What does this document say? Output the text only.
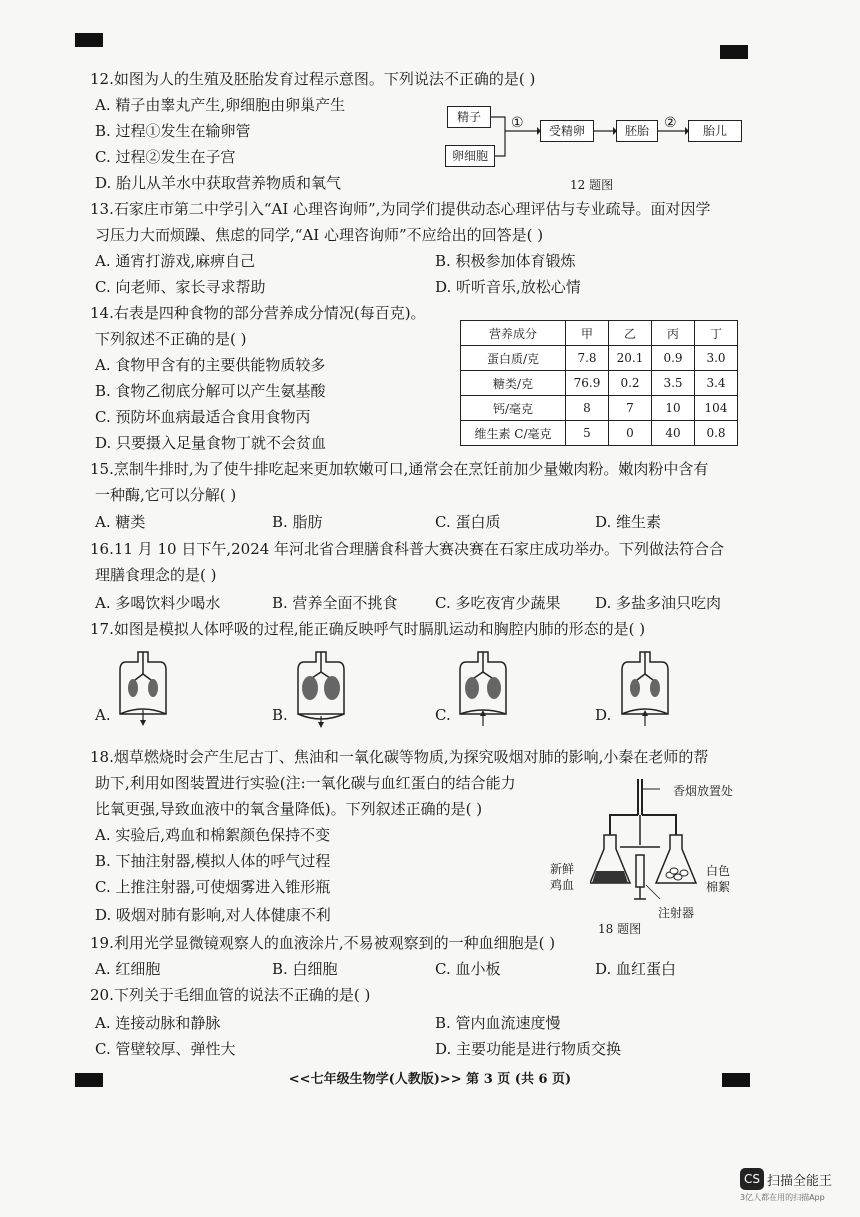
12.如图为人的生殖及胚胎发育过程示意图。下列说法不正确的是( )
A. 精子由睾丸产生,卵细胞由卵巢产生
B. 过程①发生在输卵管
C. 过程②发生在子宫
D. 胎儿从羊水中获取营养物质和氧气
精子
卵细胞
受精卵	胚胎	胎儿
①	②
12 题图
13.石家庄市第二中学引入“AI 心理咨询师”,为同学们提供动态心理评估与专业疏导。面对因学
习压力大而烦躁、焦虑的同学,“AI 心理咨询师”不应给出的回答是( )
A. 通宵打游戏,麻痹自己	B. 积极参加体育锻炼
C. 向老师、家长寻求帮助	D. 听听音乐,放松心情
14.右表是四种食物的部分营养成分情况(每百克)。
下列叙述不正确的是( )
A. 食物甲含有的主要供能物质较多
B. 食物乙彻底分解可以产生氨基酸
C. 预防坏血病最适合食用食物丙
D. 只要摄入足量食物丁就不会贫血
营养成分	甲	乙	丙	丁
蛋白质/克	7.8	20.1	0.9	3.0
糖类/克	76.9	0.2	3.5	3.4
钙/毫克	8	7	10	104
维生素 C/毫克	5	0	40	0.8
15.烹制牛排时,为了使牛排吃起来更加软嫩可口,通常会在烹饪前加少量嫩肉粉。嫩肉粉中含有
一种酶,它可以分解( )
A. 糖类	B. 脂肪	C. 蛋白质	D. 维生素
16.11 月 10 日下午,2024 年河北省合理膳食科普大赛决赛在石家庄成功举办。下列做法符合合
理膳食理念的是( )
A. 多喝饮料少喝水	B. 营养全面不挑食 C. 多吃夜宵少蔬果 D. 多盐多油只吃肉
17.如图是模拟人体呼吸的过程,能正确反映呼气时膈肌运动和胸腔内肺的形态的是( )
A.	B.	C.	D.
18.烟草燃烧时会产生尼古丁、焦油和一氧化碳等物质,为探究吸烟对肺的影响,小秦在老师的帮
助下,利用如图装置进行实验(注:一氧化碳与血红蛋白的结合能力
比氧更强,导致血液中的氧含量降低)。下列叙述正确的是( )
A. 实验后,鸡血和棉絮颜色保持不变
B. 下抽注射器,模拟人体的呼气过程
C. 上推注射器,可使烟雾进入锥形瓶
D. 吸烟对肺有影响,对人体健康不利
香烟放置处
新鲜
鸡血
白色
棉絮
注射器
18 题图
19.利用光学显微镜观察人的血液涂片,不易被观察到的一种血细胞是( )
A. 红细胞	B. 白细胞	C. 血小板	D. 血红蛋白
20.下列关于毛细血管的说法不正确的是( )
A. 连接动脉和静脉	B. 管内血流速度慢
C. 管壁较厚、弹性大	D. 主要功能是进行物质交换
<<七年级生物学(人教版)>> 第 3 页 (共 6 页)
CS 扫描全能王
3亿人都在用的扫描App
